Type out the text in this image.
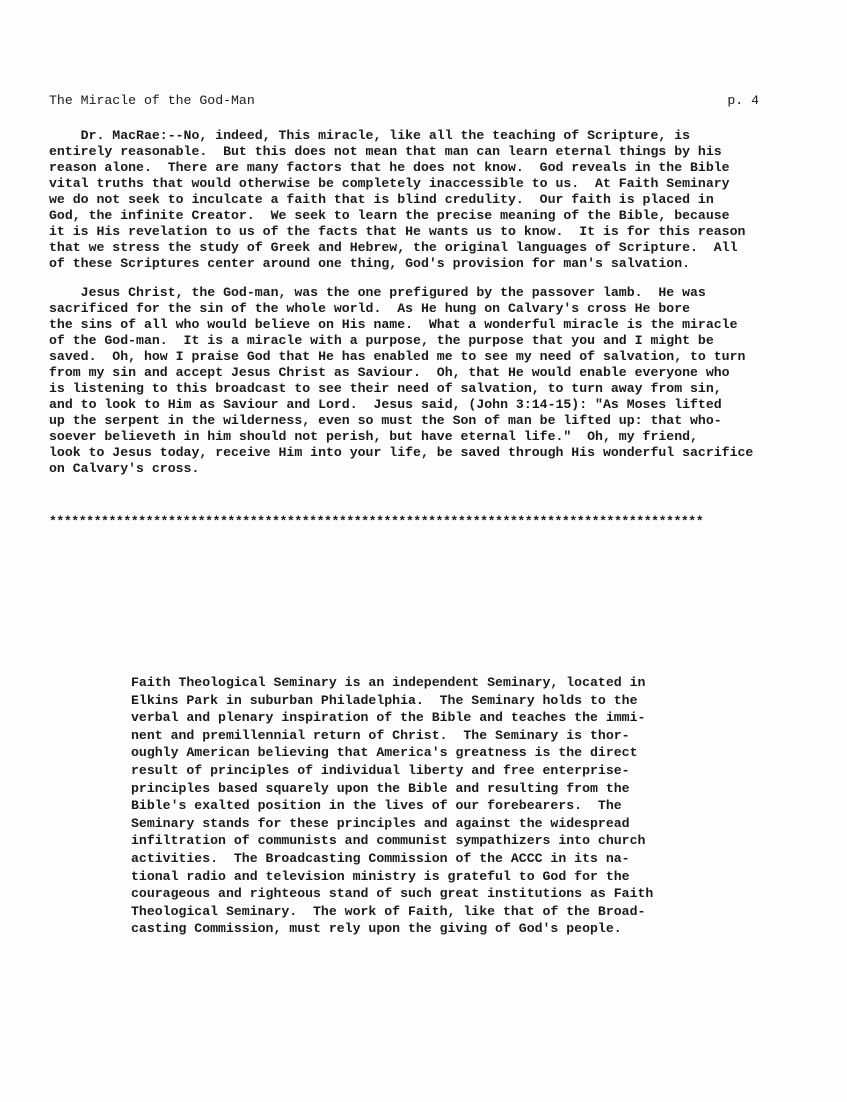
The Miracle of the God-Man	p. 4
Dr. MacRae:--No, indeed, This miracle, like all the teaching of Scripture, is
entirely reasonable.  But this does not mean that man can learn eternal things by his
reason alone.  There are many factors that he does not know.  God reveals in the Bible
vital truths that would otherwise be completely inaccessible to us.  At Faith Seminary
we do not seek to inculcate a faith that is blind credulity.  Our faith is placed in
God, the infinite Creator.  We seek to learn the precise meaning of the Bible, because
it is His revelation to us of the facts that He wants us to know.  It is for this reason
that we stress the study of Greek and Hebrew, the original languages of Scripture.  All
of these Scriptures center around one thing, God's provision for man's salvation.
Jesus Christ, the God-man, was the one prefigured by the passover lamb.  He was
sacrificed for the sin of the whole world.  As He hung on Calvary's cross He bore
the sins of all who would believe on His name.  What a wonderful miracle is the miracle
of the God-man.  It is a miracle with a purpose, the purpose that you and I might be
saved.  Oh, how I praise God that He has enabled me to see my need of salvation, to turn
from my sin and accept Jesus Christ as Saviour.  Oh, that He would enable everyone who
is listening to this broadcast to see their need of salvation, to turn away from sin,
and to look to Him as Saviour and Lord.  Jesus said, (John 3:14-15): "As Moses lifted
up the serpent in the wilderness, even so must the Son of man be lifted up: that who-
soever believeth in him should not perish, but have eternal life."  Oh, my friend,
look to Jesus today, receive Him into your life, be saved through His wonderful sacrifice
on Calvary's cross.
****************************************************************************************
Faith Theological Seminary is an independent Seminary, located in
Elkins Park in suburban Philadelphia.  The Seminary holds to the
verbal and plenary inspiration of the Bible and teaches the immi-
nent and premillennial return of Christ.  The Seminary is thor-
oughly American believing that America's greatness is the direct
result of principles of individual liberty and free enterprise-
principles based squarely upon the Bible and resulting from the
Bible's exalted position in the lives of our forebearers.  The
Seminary stands for these principles and against the widespread
infiltration of communists and communist sympathizers into church
activities.  The Broadcasting Commission of the ACCC in its na-
tional radio and television ministry is grateful to God for the
courageous and righteous stand of such great institutions as Faith
Theological Seminary.  The work of Faith, like that of the Broad-
casting Commission, must rely upon the giving of God's people.
